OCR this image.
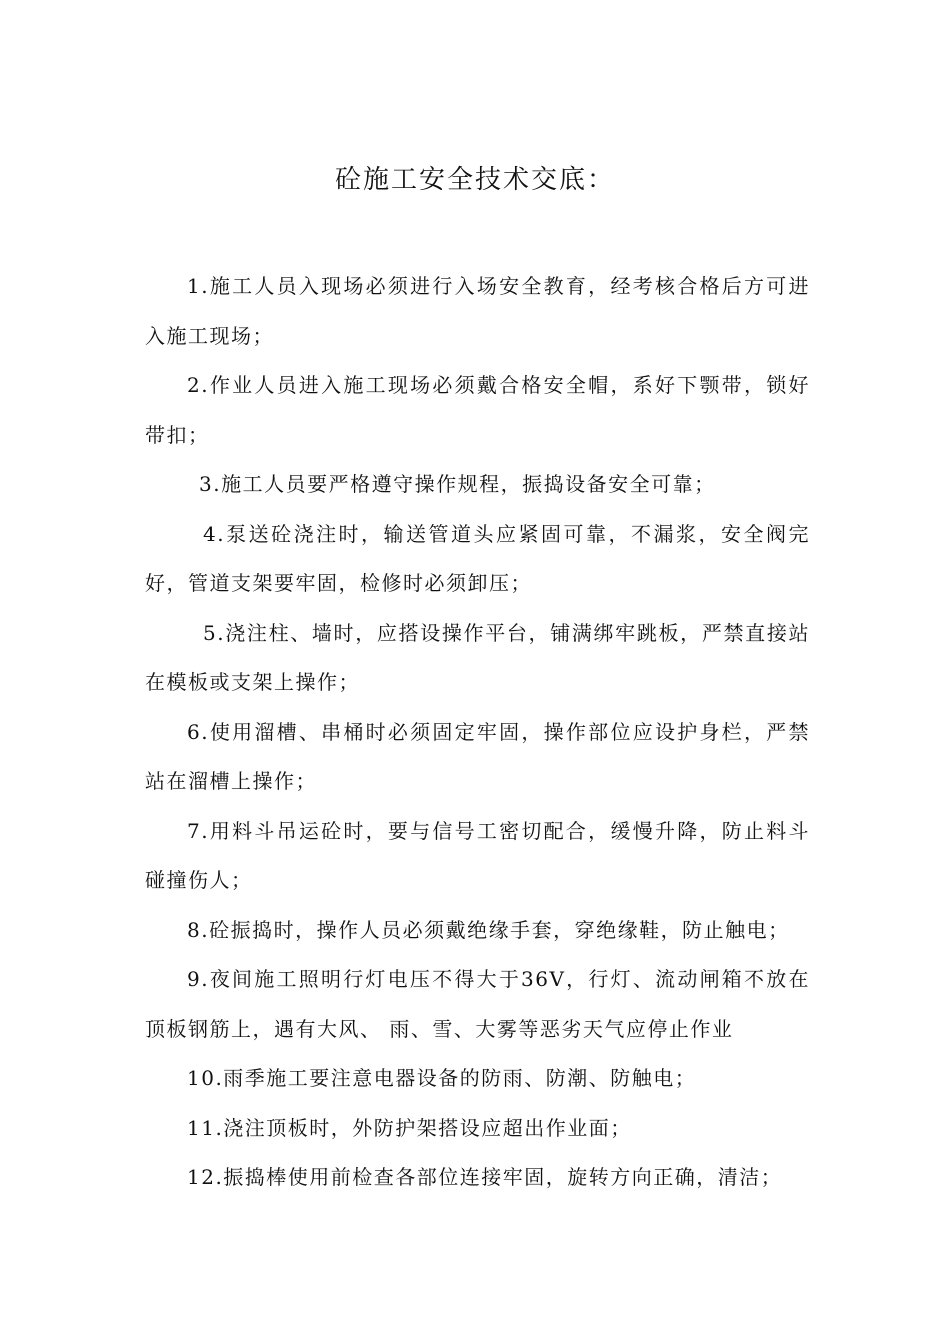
砼施工安全技术交底：

1.施工人员入现场必须进行入场安全教育，经考核合格后方可进入施工现场；

2.作业人员进入施工现场必须戴合格安全帽，系好下颚带，锁好带扣；

3.施工人员要严格遵守操作规程，振捣设备安全可靠；

4.泵送砼浇注时，输送管道头应紧固可靠，不漏浆，安全阀完好，管道支架要牢固，检修时必须卸压；

5.浇注柱、墙时，应搭设操作平台，铺满绑牢跳板，严禁直接站在模板或支架上操作；

6.使用溜槽、串桶时必须固定牢固，操作部位应设护身栏，严禁站在溜槽上操作；

7.用料斗吊运砼时，要与信号工密切配合，缓慢升降，防止料斗碰撞伤人；

8.砼振捣时，操作人员必须戴绝缘手套，穿绝缘鞋，防止触电；

9.夜间施工照明行灯电压不得大于36V，行灯、流动闸箱不放在顶板钢筋上，遇有大风、 雨、雪、大雾等恶劣天气应停止作业

10.雨季施工要注意电器设备的防雨、防潮、防触电；

11.浇注顶板时，外防护架搭设应超出作业面；

12.振捣棒使用前检查各部位连接牢固，旋转方向正确，清洁；
